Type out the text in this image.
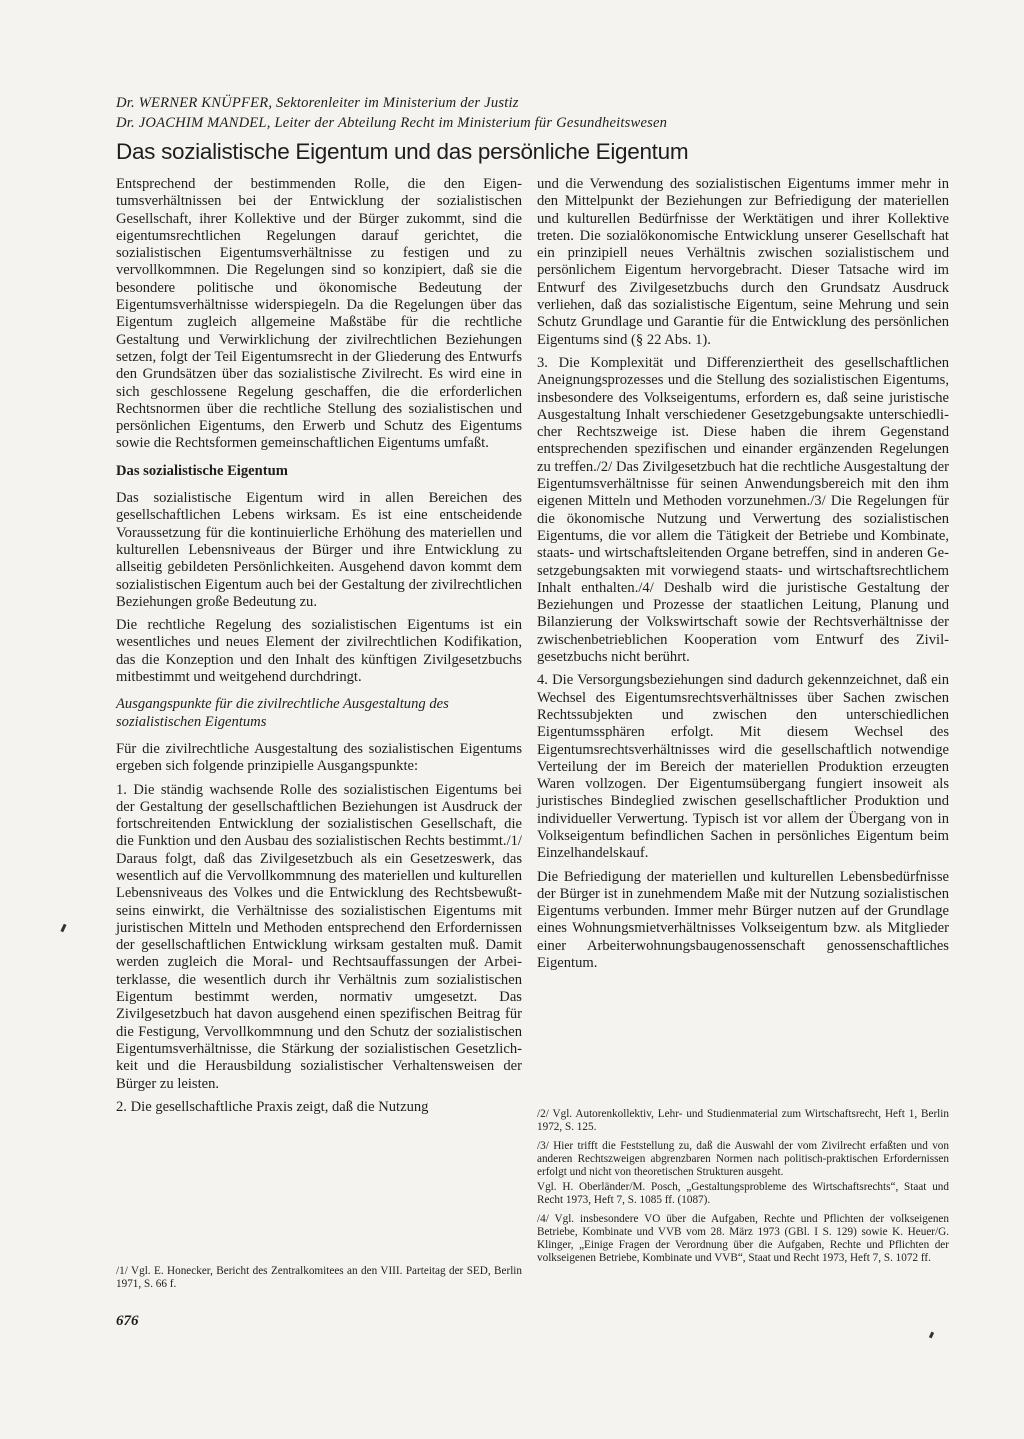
Dr. WERNER KNÜPFER, Sektorenleiter im Ministerium der Justiz
Dr. JOACHIM MANDEL, Leiter der Abteilung Recht im Ministerium für Gesundheitswesen
Das sozialistische Eigentum und das persönliche Eigentum

Entsprechend der bestimmenden Rolle, die den Eigentumsverhältnissen bei der Entwicklung der sozialistischen Gesellschaft, ihrer Kollektive und der Bürger zukommt, sind die eigentumsrechtlichen Regelungen darauf gerichtet, die sozialistischen Eigentumsverhältnisse zu festigen und zu vervollkommnen. Die Regelungen sind so konzipiert, daß sie die besondere politische und ökonomische Bedeutung der Eigentumsverhältnisse widerspiegeln. Da die Regelungen über das Eigentum zugleich allgemeine Maßstäbe für die rechtliche Gestaltung und Verwirklichung der zivilrechtlichen Beziehungen setzen, folgt der Teil Eigentumsrecht in der Gliederung des Entwurfs den Grundsätzen über das sozialistische Zivilrecht. Es wird eine in sich geschlossene Regelung geschaffen, die die erforderlichen Rechtsnormen über die rechtliche Stellung des sozialistischen und persönlichen Eigentums, den Erwerb und Schutz des Eigentums sowie die Rechtsformen gemeinschaftlichen Eigentums umfaßt.

Das sozialistische Eigentum

Das sozialistische Eigentum wird in allen Bereichen des gesellschaftlichen Lebens wirksam. Es ist eine entscheidende Voraussetzung für die kontinuierliche Erhöhung des materiellen und kulturellen Lebensniveaus der Bürger und ihre Entwicklung zu allseitig gebildeten Persönlichkeiten. Ausgehend davon kommt dem sozialistischen Eigentum auch bei der Gestaltung der zivilrechtlichen Beziehungen große Bedeutung zu.

Die rechtliche Regelung des sozialistischen Eigentums ist ein wesentliches und neues Element der zivilrechtlichen Kodifikation, das die Konzeption und den Inhalt des künftigen Zivilgesetzbuchs mitbestimmt und weitgehend durchdringt.

Ausgangspunkte für die zivilrechtliche Ausgestaltung des sozialistischen Eigentums

Für die zivilrechtliche Ausgestaltung des sozialistischen Eigentums ergeben sich folgende prinzipielle Ausgangspunkte:

1. Die ständig wachsende Rolle des sozialistischen Eigentums bei der Gestaltung der gesellschaftlichen Beziehungen ist Ausdruck der fortschreitenden Entwicklung der sozialistischen Gesellschaft, die die Funktion und den Ausbau des sozialistischen Rechts bestimmt./1/ Daraus folgt, daß das Zivilgesetzbuch als ein Gesetzeswerk, das wesentlich auf die Vervollkommnung des materiellen und kulturellen Lebensniveaus des Volkes und die Entwicklung des Rechtsbewußtseins einwirkt, die Verhältnisse des sozialistischen Eigentums mit juristischen Mitteln und Methoden entsprechend den Erfordernissen der gesellschaftlichen Entwicklung wirksam gestalten muß. Damit werden zugleich die Moral- und Rechtsauffassungen der Arbeiterklasse, die wesentlich durch ihr Verhältnis zum sozialistischen Eigentum bestimmt werden, normativ umgesetzt. Das Zivilgesetzbuch hat davon ausgehend einen spezifischen Beitrag für die Festigung, Vervollkommnung und den Schutz der sozialistischen Eigentumsverhältnisse, die Stärkung der sozialistischen Gesetzlichkeit und die Herausbildung sozialistischer Verhaltensweisen der Bürger zu leisten.

2. Die gesellschaftliche Praxis zeigt, daß die Nutzung

und die Verwendung des sozialistischen Eigentums immer mehr in den Mittelpunkt der Beziehungen zur Befriedigung der materiellen und kulturellen Bedürfnisse der Werktätigen und ihrer Kollektive treten. Die sozialökonomische Entwicklung unserer Gesellschaft hat ein prinzipiell neues Verhältnis zwischen sozialistischem und persönlichem Eigentum hervorgebracht. Dieser Tatsache wird im Entwurf des Zivilgesetzbuchs durch den Grundsatz Ausdruck verliehen, daß das sozialistische Eigentum, seine Mehrung und sein Schutz Grundlage und Garantie für die Entwicklung des persönlichen Eigentums sind (§ 22 Abs. 1).

3. Die Komplexität und Differenziertheit des gesellschaftlichen Aneignungsprozesses und die Stellung des sozialistischen Eigentums, insbesondere des Volkseigentums, erfordern es, daß seine juristische Ausgestaltung Inhalt verschiedener Gesetzgebungsakte unterschiedlicher Rechtszweige ist. Diese haben die ihrem Gegenstand entsprechenden spezifischen und einander ergänzenden Regelungen zu treffen./2/ Das Zivilgesetzbuch hat die rechtliche Ausgestaltung der Eigentumsverhältnisse für seinen Anwendungsbereich mit den ihm eigenen Mitteln und Methoden vorzunehmen./3/ Die Regelungen für die ökonomische Nutzung und Verwertung des sozialistischen Eigentums, die vor allem die Tätigkeit der Betriebe und Kombinate, staats- und wirtschaftsleitenden Organe betreffen, sind in anderen Gesetzgebungsakten mit vorwiegend staats- und wirtschaftsrechtlichem Inhalt enthalten./4/ Deshalb wird die juristische Gestaltung der Beziehungen und Prozesse der staatlichen Leitung, Planung und Bilanzierung der Volkswirtschaft sowie der Rechtsverhältnisse der zwischenbetrieblichen Kooperation vom Entwurf des Zivilgesetzbuchs nicht berührt.

4. Die Versorgungsbeziehungen sind dadurch gekennzeichnet, daß ein Wechsel des Eigentumsrechtsverhältnisses über Sachen zwischen Rechtssubjekten und zwischen den unterschiedlichen Eigentumssphären erfolgt. Mit diesem Wechsel des Eigentumsrechtsverhältnisses wird die gesellschaftlich notwendige Verteilung der im Bereich der materiellen Produktion erzeugten Waren vollzogen. Der Eigentumsübergang fungiert insoweit als juristisches Bindeglied zwischen gesellschaftlicher Produktion und individueller Verwertung. Typisch ist vor allem der Übergang von in Volkseigentum befindlichen Sachen in persönliches Eigentum beim Einzelhandelskauf.

Die Befriedigung der materiellen und kulturellen Lebensbedürfnisse der Bürger ist in zunehmendem Maße mit der Nutzung sozialistischen Eigentums verbunden. Immer mehr Bürger nutzen auf der Grundlage eines Wohnungsmietverhältnisses Volkseigentum bzw. als Mitglieder einer Arbeiterwohnungsbaugenossenschaft genossenschaftliches Eigentum.

/2/ Vgl. Autorenkollektiv, Lehr- und Studienmaterial zum Wirtschaftsrecht, Heft 1, Berlin 1972, S. 125.

/3/ Hier trifft die Feststellung zu, daß die Auswahl der vom Zivilrecht erfaßten und von anderen Rechtszweigen abgrenzbaren Normen nach politisch-praktischen Erfordernissen erfolgt und nicht von theoretischen Strukturen ausgeht.

Vgl. H. Oberländer/M. Posch, „Gestaltungsprobleme des Wirtschaftsrechts“, Staat und Recht 1973, Heft 7, S. 1085 ff. (1087).

/4/ Vgl. insbesondere VO über die Aufgaben, Rechte und Pflichten der volkseigenen Betriebe, Kombinate und VVB vom 28. März 1973 (GBl. I S. 129) sowie K. Heuer/G. Klinger, „Einige Fragen der Verordnung über die Aufgaben, Rechte und Pflichten der volkseigenen Betriebe, Kombinate und VVB“, Staat und Recht 1973, Heft 7, S. 1072 ff.

/1/ Vgl. E. Honecker, Bericht des Zentralkomitees an den VIII. Parteitag der SED, Berlin 1971, S. 66 f.

676
